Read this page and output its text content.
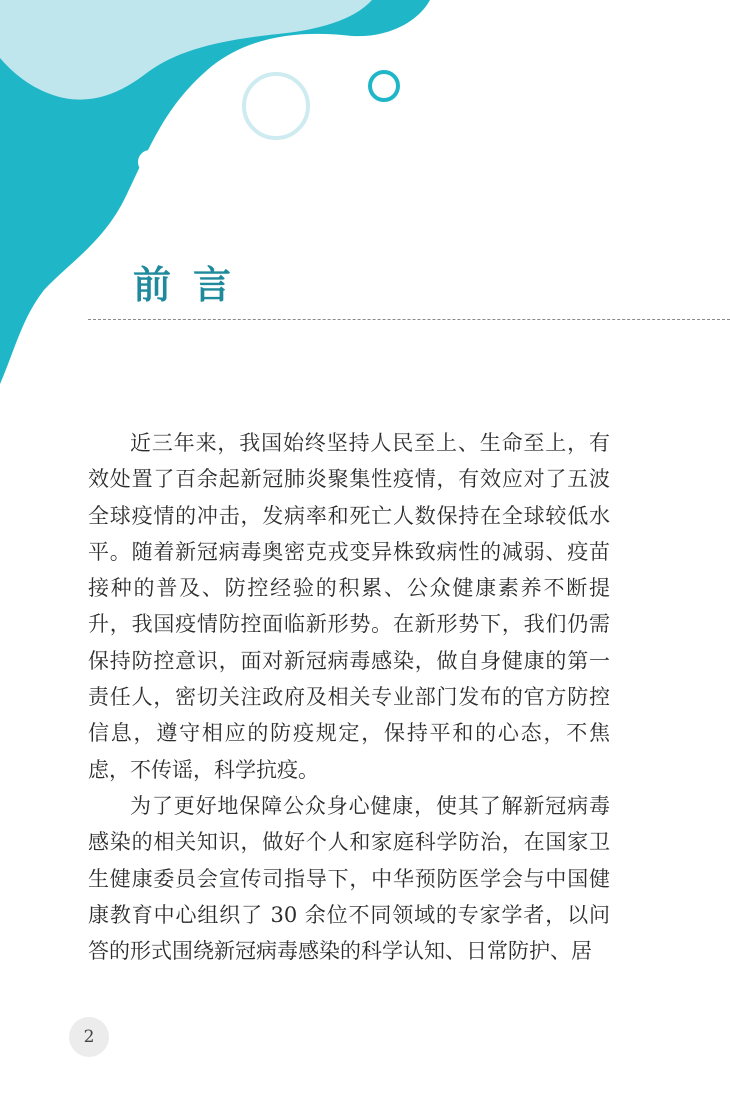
前言

近三年来，我国始终坚持人民至上、生命至上，有效处置了百余起新冠肺炎聚集性疫情，有效应对了五波全球疫情的冲击，发病率和死亡人数保持在全球较低水平。随着新冠病毒奥密克戎变异株致病性的减弱、疫苗接种的普及、防控经验的积累、公众健康素养不断提升，我国疫情防控面临新形势。在新形势下，我们仍需保持防控意识，面对新冠病毒感染，做自身健康的第一责任人，密切关注政府及相关专业部门发布的官方防控信息，遵守相应的防疫规定，保持平和的心态，不焦虑，不传谣，科学抗疫。

为了更好地保障公众身心健康，使其了解新冠病毒感染的相关知识，做好个人和家庭科学防治，在国家卫生健康委员会宣传司指导下，中华预防医学会与中国健康教育中心组织了 30 余位不同领域的专家学者，以问答的形式围绕新冠病毒感染的科学认知、日常防护、居

2
